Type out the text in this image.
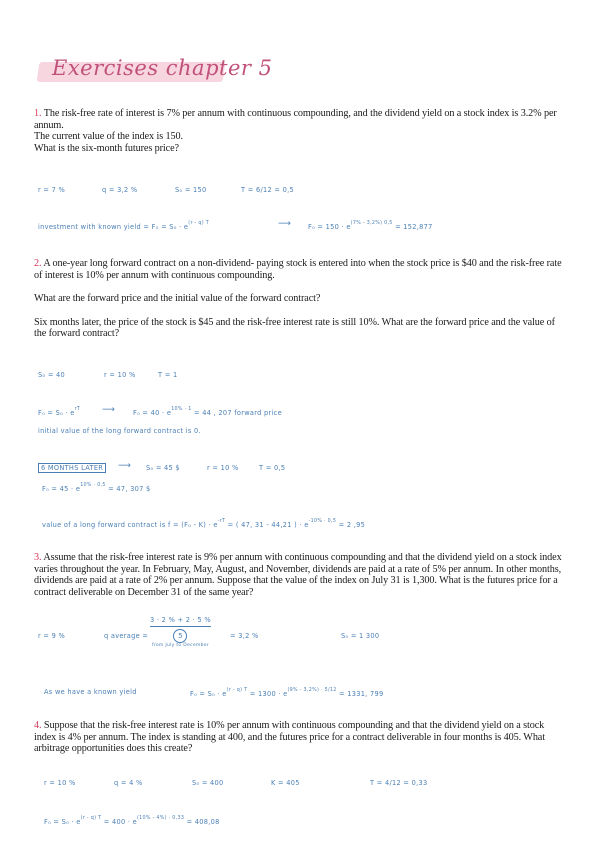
Exercises chapter 5
1. The risk-free rate of interest is 7% per annum with continuous compounding, and the dividend yield on a stock index is 3.2% per annum.
The current value of the index is 150.
What is the six-month futures price?
r = 7 %	q = 3,2 %	S₀ = 150	T = 6/12 = 0,5
investment with known yield = $F_0 = S_0 \cdot e^{(r - q) T}$	⟶	$F_0 = 150 \cdot e^{(7\% - 3,2\%) 0,5} = 152,877$
2. A one-year long forward contract on a non-dividend- paying stock is entered into when the stock price is $40 and the risk-free rate of interest is 10% per annum with continuous compounding.
What are the forward price and the initial value of the forward contract?
Six months later, the price of the stock is $45 and the risk-free interest rate is still 10%. What are the forward price and the value of the forward contract?
S₀ = 40	r = 10 %	T = 1
$F_0 = S_0 \cdot e^{rT}$ ⟶	$F_0 = 40 \cdot e^{10\% \cdot 1} = 44$ , 207 forward price
initial value of the long forward contract is 0.
6 MONTHS LATER	⟶ S₀ = 45 $	r = 10 %	T = 0,5
$F_0 = 45 \cdot e^{10\% \cdot 0,5} = 47$, 307 $
value of a long forward contract is $f = (F_0 - K) \cdot e^{-rT}$ = ( 47, 31 - 44,21 ) · $e^{-10\% \cdot 0,5} = 2$ ,95
3. Assume that the risk-free interest rate is 9% per annum with continuous compounding and that the dividend yield on a stock index varies throughout the year. In February, May, August, and November, dividends are paid at a rate of 5% per annum. In other months, dividends are paid at a rate of 2% per annum. Suppose that the value of the index on July 31 is 1,300. What is the futures price for a contract deliverable on December 31 of the same year?
r = 9 %	q average =
3 · 2 % + 2 · 5 %
5
from July to December
= 3,2 %	S₀ = 1 300
As we have a known yield	$F_0 = S_0 \cdot e^{(r - q) T} = 1300 \cdot e^{(9\% - 3,2\%) \cdot 5/12} = 1331$, 799
4. Suppose that the risk-free interest rate is 10% per annum with continuous compounding and that the dividend yield on a stock index is 4% per annum. The index is standing at 400, and the futures price for a contract deliverable in four months is 405. What arbitrage opportunities does this create?
r = 10 %	q = 4 %	S₀ = 400	K = 405	T = 4/12 = 0,33
$F_0 = S_0 \cdot e^{(r - q) T} = 400 \cdot e^{(10\% - 4\%) \cdot 0,33} = 408,08$
